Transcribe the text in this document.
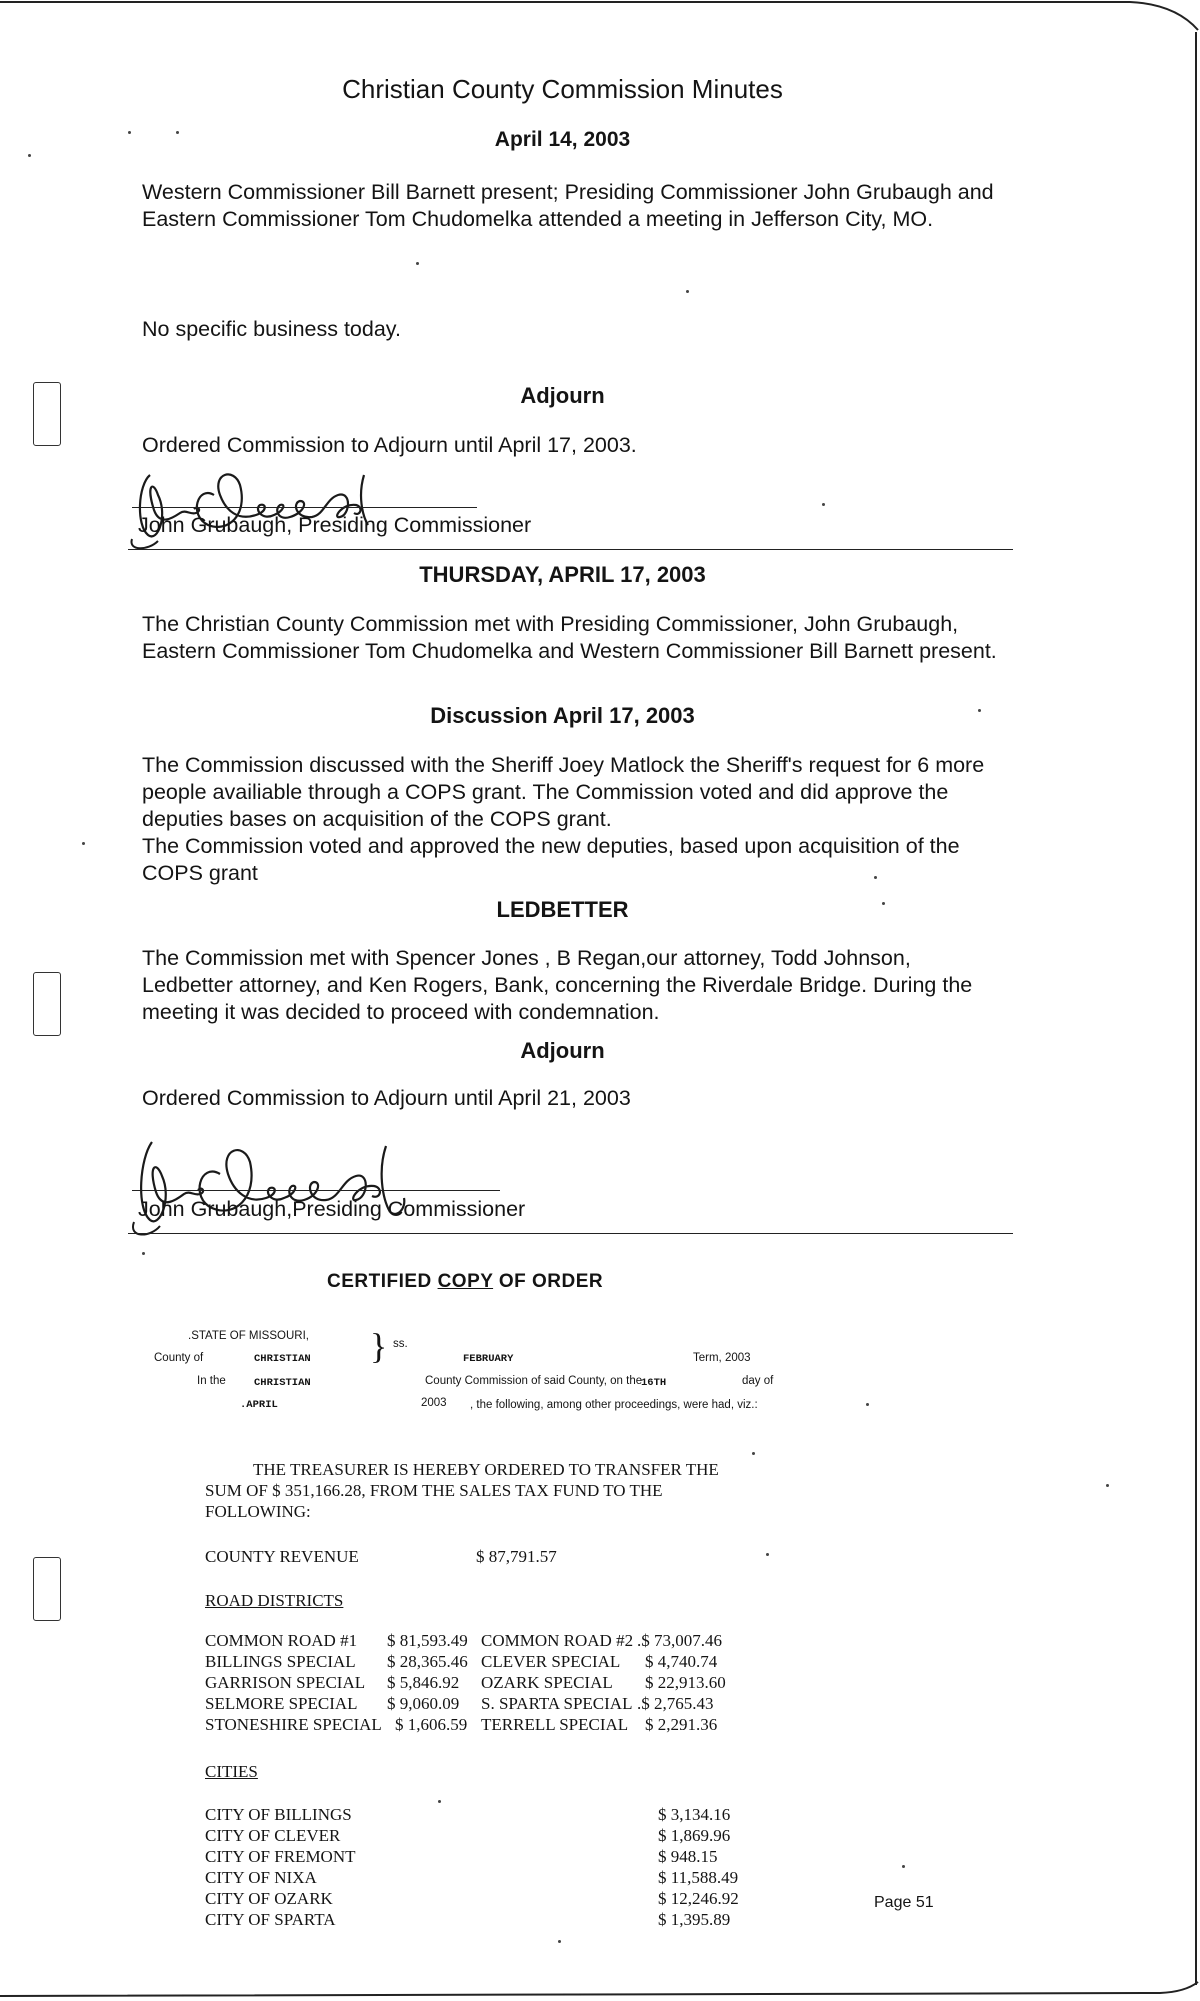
Christian County Commission Minutes
April 14, 2003
Western Commissioner Bill Barnett present; Presiding Commissioner John Grubaugh and Eastern Commissioner Tom Chudomelka attended a meeting in Jefferson City, MO.
No specific business today.
Adjourn
Ordered Commission to Adjourn until April 17, 2003.
John Grubaugh, Presiding Commissioner
THURSDAY, APRIL 17, 2003
The Christian County Commission met with Presiding Commissioner, John Grubaugh, Eastern Commissioner Tom Chudomelka and Western Commissioner Bill Barnett present.
Discussion April 17, 2003
The Commission discussed with the Sheriff Joey Matlock the Sheriff's request for 6 more people availiable through a COPS grant. The Commission voted and did approve the deputies bases on acquisition of the COPS grant.
The Commission voted and approved the new deputies, based upon acquisition of the COPS grant
LEDBETTER
The Commission met with Spencer Jones , B Regan,our attorney, Todd Johnson, Ledbetter attorney, and Ken Rogers, Bank, concerning the Riverdale Bridge. During the meeting it was decided to proceed with condemnation.
Adjourn
Ordered Commission to Adjourn until April 21, 2003
John Grubaugh,Presiding Commissioner
CERTIFIED COPY OF ORDER
.STATE OF MISSOURI,
County of	CHRISTIAN } ss.
FEBRUARY	Term, 2003
In the	CHRISTIAN	County Commission of said County, on the
16TH	day of
.APRIL	2003 , the following, among other proceedings, were had, viz.:
THE TREASURER IS HEREBY ORDERED TO TRANSFER THE
SUM OF $ 351,166.28, FROM THE SALES TAX FUND TO THE
FOLLOWING:
COUNTY REVENUE	$ 87,791.57
ROAD DISTRICTS
COMMON ROAD #1 $ 81,593.49 COMMON ROAD #2 .$ 73,007.46
BILLINGS SPECIAL $ 28,365.46 CLEVER SPECIAL $ 4,740.74
GARRISON SPECIAL $ 5,846.92 OZARK SPECIAL $ 22,913.60
SELMORE SPECIAL $ 9,060.09 S. SPARTA SPECIAL .$ 2,765.43
STONESHIRE SPECIAL $ 1,606.59 TERRELL SPECIAL $ 2,291.36
CITIES
CITY OF BILLINGS	$ 3,134.16
CITY OF CLEVER	$ 1,869.96
CITY OF FREMONT	$ 948.15
CITY OF NIXA	$ 11,588.49
CITY OF OZARK	$ 12,246.92
CITY OF SPARTA	$ 1,395.89
Page 51
